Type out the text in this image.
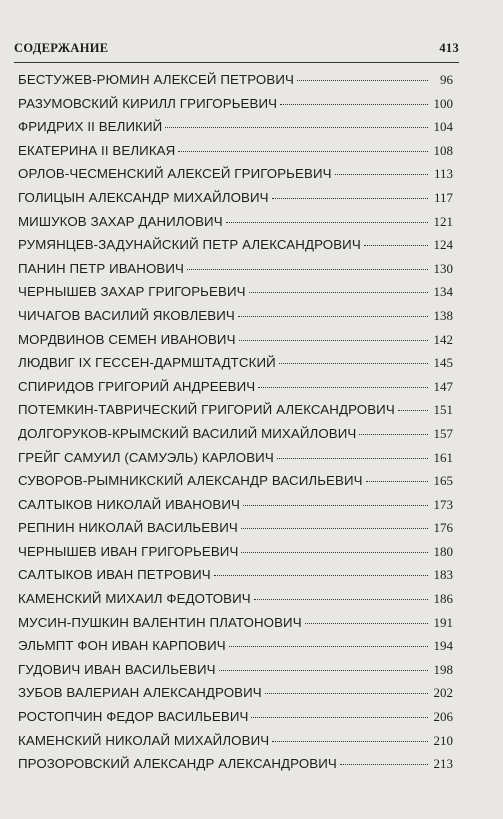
СОДЕРЖАНИЕ	413
БЕСТУЖЕВ-РЮМИН АЛЕКСЕЙ ПЕТРОВИЧ	96
РАЗУМОВСКИЙ КИРИЛЛ ГРИГОРЬЕВИЧ	100
ФРИДРИХ II ВЕЛИКИЙ	104
ЕКАТЕРИНА II ВЕЛИКАЯ	108
ОРЛОВ-ЧЕСМЕНСКИЙ АЛЕКСЕЙ ГРИГОРЬЕВИЧ	113
ГОЛИЦЫН АЛЕКСАНДР МИХАЙЛОВИЧ	117
МИШУКОВ ЗАХАР ДАНИЛОВИЧ	121
РУМЯНЦЕВ-ЗАДУНАЙСКИЙ ПЕТР АЛЕКСАНДРОВИЧ	124
ПАНИН ПЕТР ИВАНОВИЧ	130
ЧЕРНЫШЕВ ЗАХАР ГРИГОРЬЕВИЧ	134
ЧИЧАГОВ ВАСИЛИЙ ЯКОВЛЕВИЧ	138
МОРДВИНОВ СЕМЕН ИВАНОВИЧ	142
ЛЮДВИГ IX ГЕССЕН-ДАРМШТАДТСКИЙ	145
СПИРИДОВ ГРИГОРИЙ АНДРЕЕВИЧ	147
ПОТЕМКИН-ТАВРИЧЕСКИЙ ГРИГОРИЙ АЛЕКСАНДРОВИЧ	151
ДОЛГОРУКОВ-КРЫМСКИЙ ВАСИЛИЙ МИХАЙЛОВИЧ	157
ГРЕЙГ САМУИЛ (САМУЭЛЬ) КАРЛОВИЧ	161
СУВОРОВ-РЫМНИКСКИЙ АЛЕКСАНДР ВАСИЛЬЕВИЧ	165
САЛТЫКОВ НИКОЛАЙ ИВАНОВИЧ	173
РЕПНИН НИКОЛАЙ ВАСИЛЬЕВИЧ	176
ЧЕРНЫШЕВ ИВАН ГРИГОРЬЕВИЧ	180
САЛТЫКОВ ИВАН ПЕТРОВИЧ	183
КАМЕНСКИЙ МИХАИЛ ФЕДОТОВИЧ	186
МУСИН-ПУШКИН ВАЛЕНТИН ПЛАТОНОВИЧ	191
ЭЛЬМПТ ФОН ИВАН КАРПОВИЧ	194
ГУДОВИЧ ИВАН ВАСИЛЬЕВИЧ	198
ЗУБОВ ВАЛЕРИАН АЛЕКСАНДРОВИЧ	202
РОСТОПЧИН ФЕДОР ВАСИЛЬЕВИЧ	206
КАМЕНСКИЙ НИКОЛАЙ МИХАЙЛОВИЧ	210
ПРОЗОРОВСКИЙ АЛЕКСАНДР АЛЕКСАНДРОВИЧ	213
